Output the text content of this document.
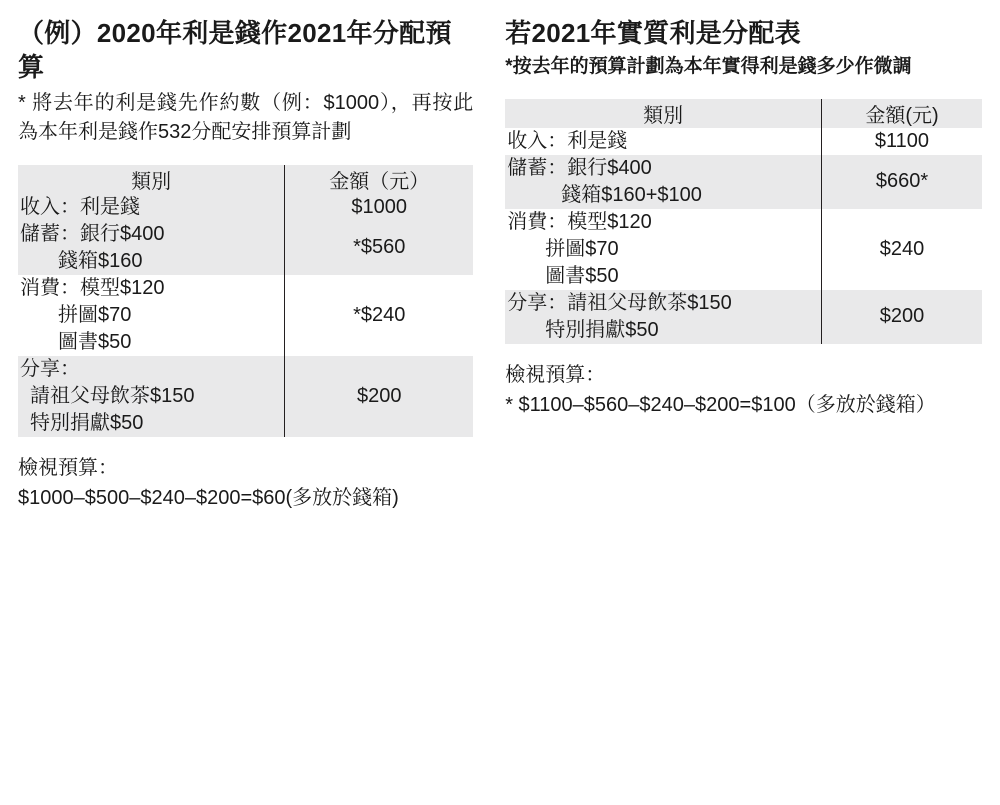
（例）2020年利是錢作2021年分配預算

* 將去年的利是錢先作約數（例：$1000），再按此為本年利是錢作532分配安排預算計劃

類別	金額（元）

收入：利是錢	$1000

儲蓄：銀行$400
錢箱$160	*$560

消費：模型$120
拼圖$70
圖書$50	*$240

分享：
請祖父母飲茶$150
特別捐獻$50	$200
檢視預算：
$1000–$500–$240–$200=$60(多放於錢箱)
若2021年實質利是分配表

*按去年的預算計劃為本年實得利是錢多少作微調

類別	金額(元)

收入：利是錢	$1100

儲蓄：銀行$400
錢箱$160+$100	$660*

消費：模型$120
拼圖$70
圖書$50	$240

分享：請祖父母飲茶$150
特別捐獻$50	$200
檢視預算：
* $1100–$560–$240–$200=$100（多放於錢箱）
